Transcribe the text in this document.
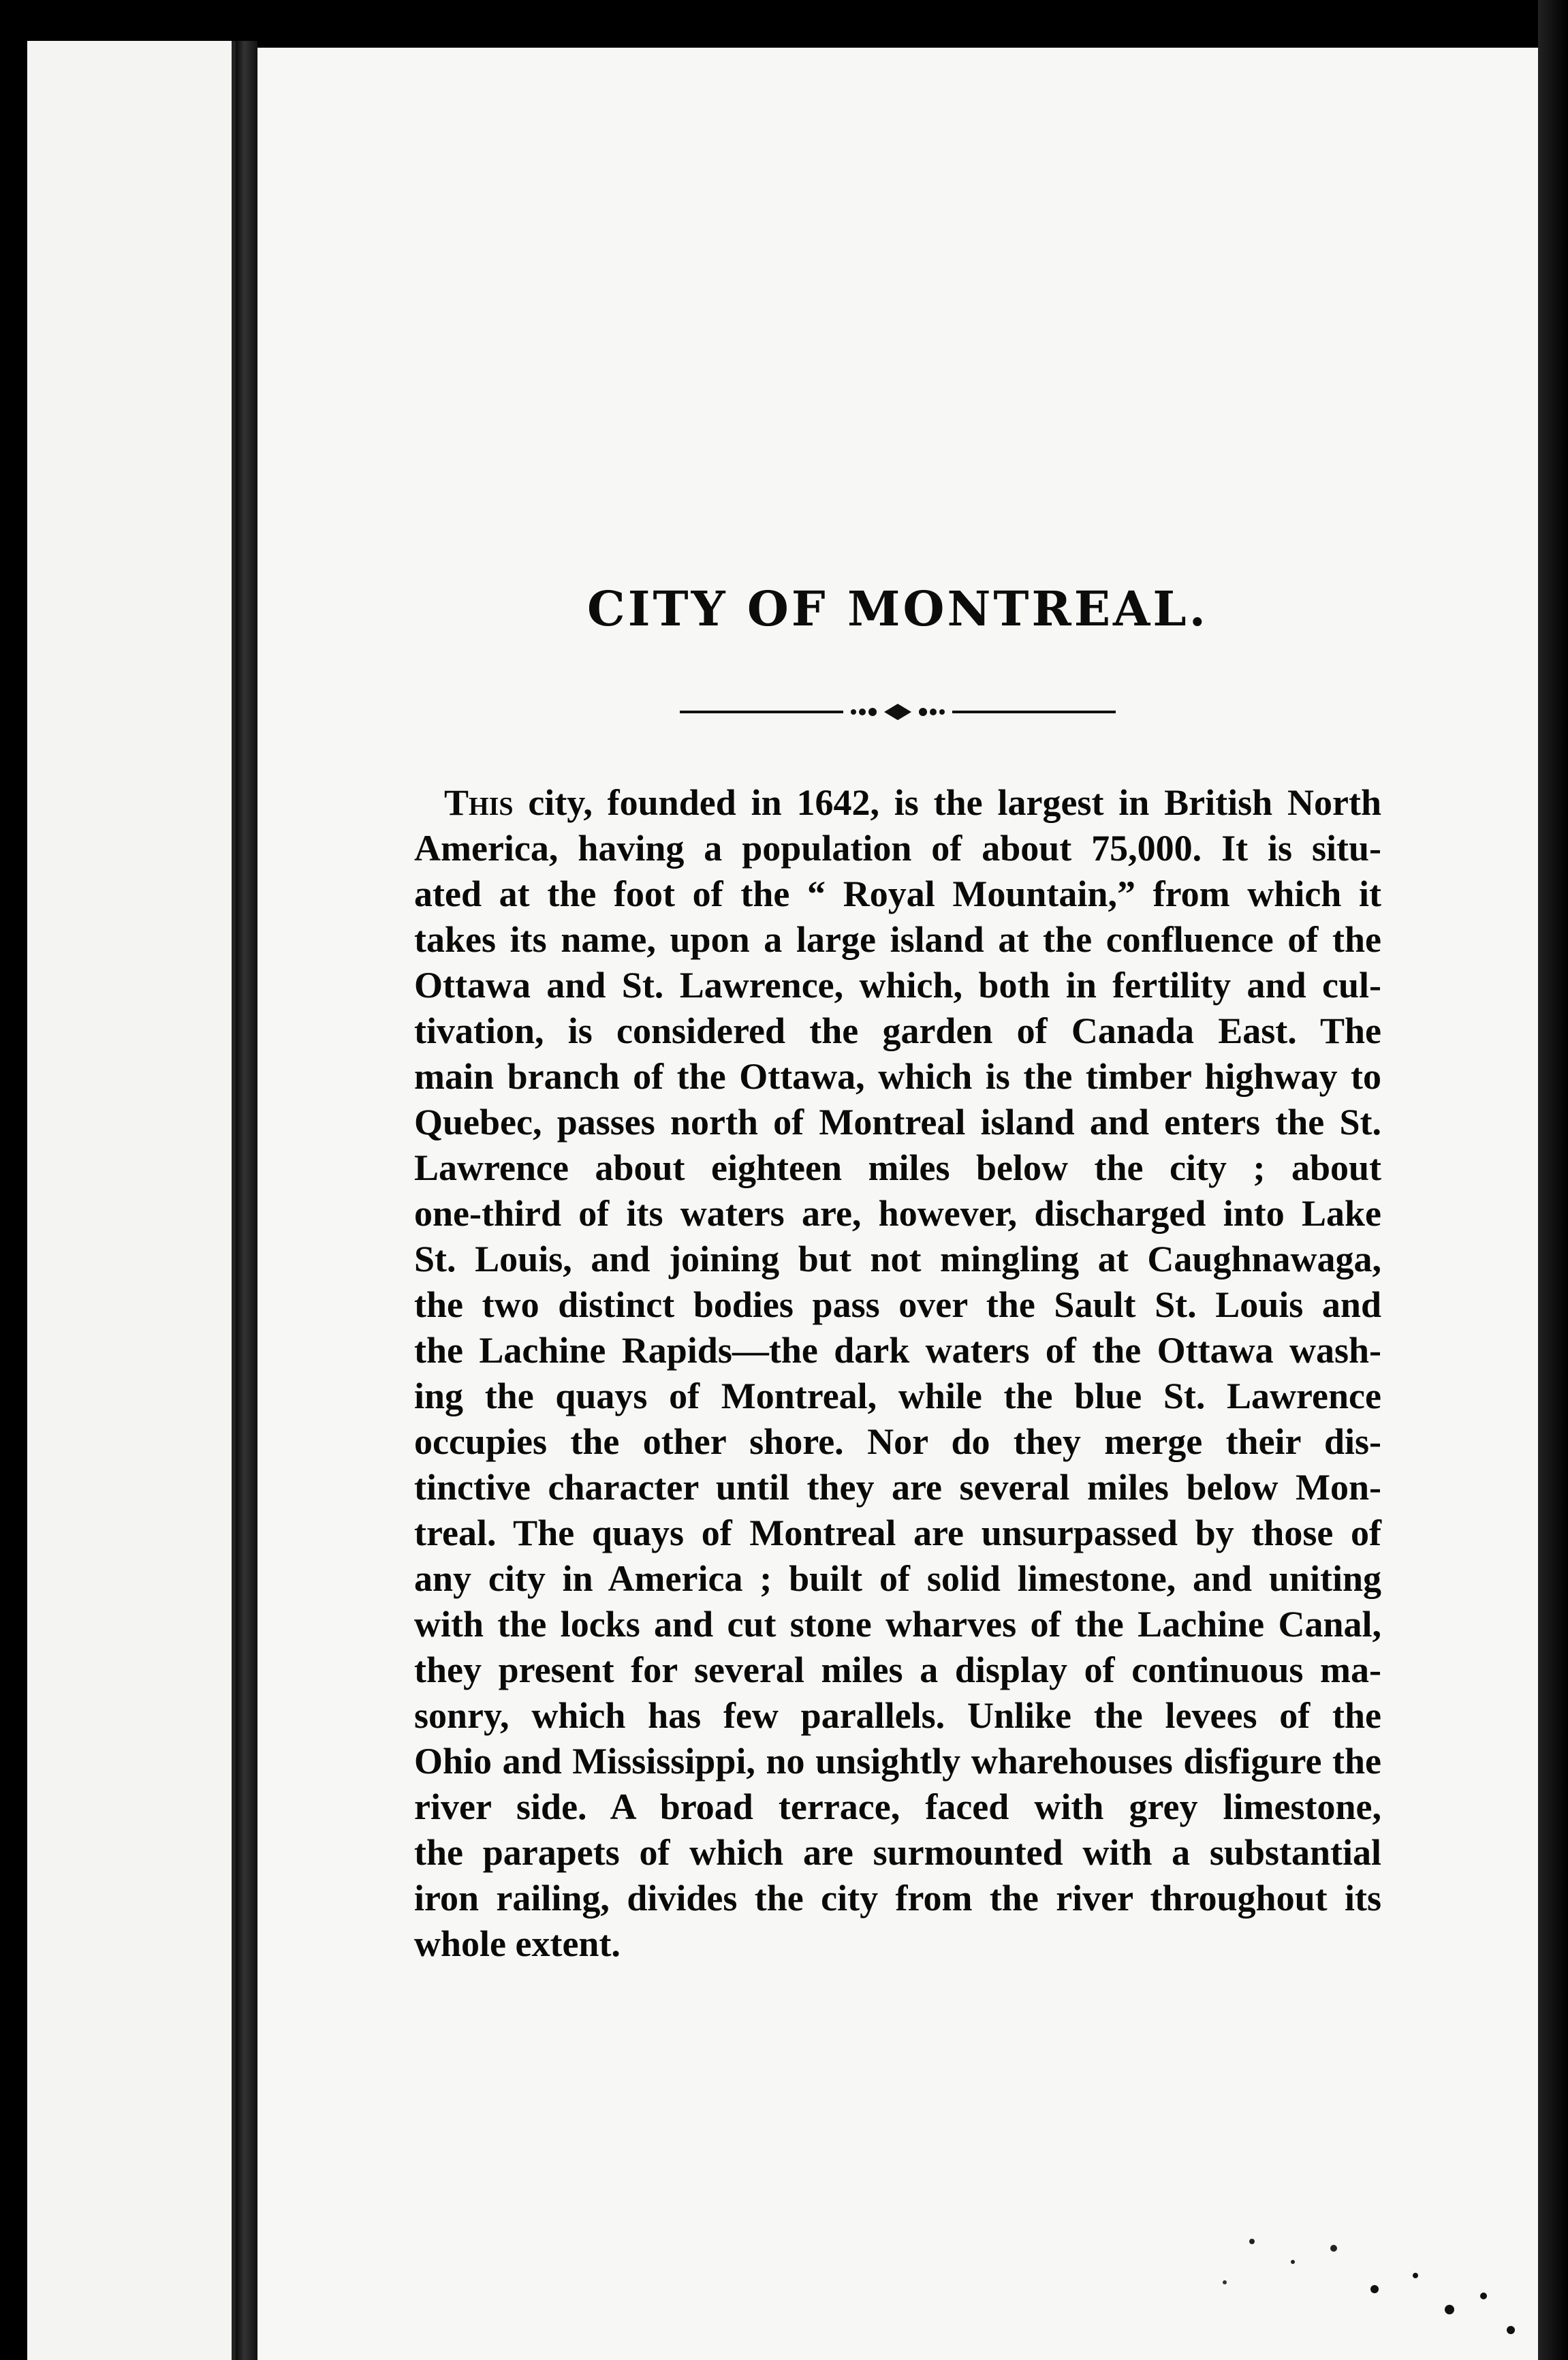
CITY OF MONTREAL.
This city, founded in 1642, is the largest in British North
America, having a population of about 75,000. It is situ-
ated at the foot of the “ Royal Mountain,” from which it
takes its name, upon a large island at the confluence of the
Ottawa and St. Lawrence, which, both in fertility and cul-
tivation, is considered the garden of Canada East. The
main branch of the Ottawa, which is the timber highway to
Quebec, passes north of Montreal island and enters the St.
Lawrence about eighteen miles below the city ; about
one-third of its waters are, however, discharged into Lake
St. Louis, and joining but not mingling at Caughnawaga,
the two distinct bodies pass over the Sault St. Louis and
the Lachine Rapids—the dark waters of the Ottawa wash-
ing the quays of Montreal, while the blue St. Lawrence
occupies the other shore. Nor do they merge their dis-
tinctive character until they are several miles below Mon-
treal. The quays of Montreal are unsurpassed by those of
any city in America ; built of solid limestone, and uniting
with the locks and cut stone wharves of the Lachine Canal,
they present for several miles a display of continuous ma-
sonry, which has few parallels. Unlike the levees of the
Ohio and Mississippi, no unsightly wharehouses disfigure the
river side. A broad terrace, faced with grey limestone,
the parapets of which are surmounted with a substantial
iron railing, divides the city from the river throughout its
whole extent.
